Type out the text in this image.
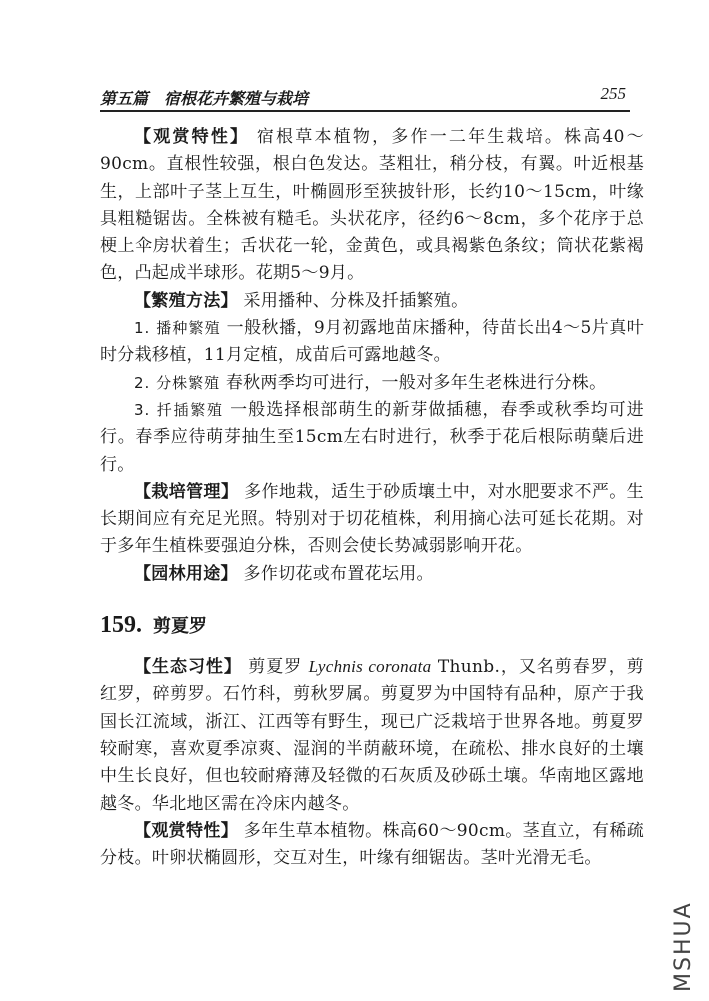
第五篇　宿根花卉繁殖与栽培	255

【观赏特性】 宿根草本植物，多作一二年生栽培。株高40～90cm。直根性较强，根白色发达。茎粗壮，稍分枝，有翼。叶近根基生，上部叶子茎上互生，叶椭圆形至狭披针形，长约10～15cm，叶缘具粗糙锯齿。全株被有糙毛。头状花序，径约6～8cm，多个花序于总梗上伞房状着生；舌状花一轮，金黄色，或具褐紫色条纹；筒状花紫褐色，凸起成半球形。花期5～9月。

【繁殖方法】 采用播种、分株及扦插繁殖。

1. 播种繁殖 一般秋播，9月初露地苗床播种，待苗长出4～5片真叶时分栽移植，11月定植，成苗后可露地越冬。

2. 分株繁殖 春秋两季均可进行，一般对多年生老株进行分株。

3. 扦插繁殖 一般选择根部萌生的新芽做插穗，春季或秋季均可进行。春季应待萌芽抽生至15cm左右时进行，秋季于花后根际萌蘖后进行。

【栽培管理】 多作地栽，适生于砂质壤土中，对水肥要求不严。生长期间应有充足光照。特别对于切花植株，利用摘心法可延长花期。对于多年生植株要强迫分株，否则会使长势减弱影响开花。

【园林用途】 多作切花或布置花坛用。

159. 剪夏罗

【生态习性】 剪夏罗 Lychnis coronata Thunb.，又名剪春罗，剪红罗，碎剪罗。石竹科，剪秋罗属。剪夏罗为中国特有品种，原产于我国长江流域，浙江、江西等有野生，现已广泛栽培于世界各地。剪夏罗较耐寒，喜欢夏季凉爽、湿润的半荫蔽环境，在疏松、排水良好的土壤中生长良好，但也较耐瘠薄及轻微的石灰质及砂砾土壤。华南地区露地越冬。华北地区需在冷床内越冬。

【观赏特性】 多年生草本植物。株高60～90cm。茎直立，有稀疏分枝。叶卵状椭圆形，交互对生，叶缘有细锯齿。茎叶光滑无毛。

MSHUA
